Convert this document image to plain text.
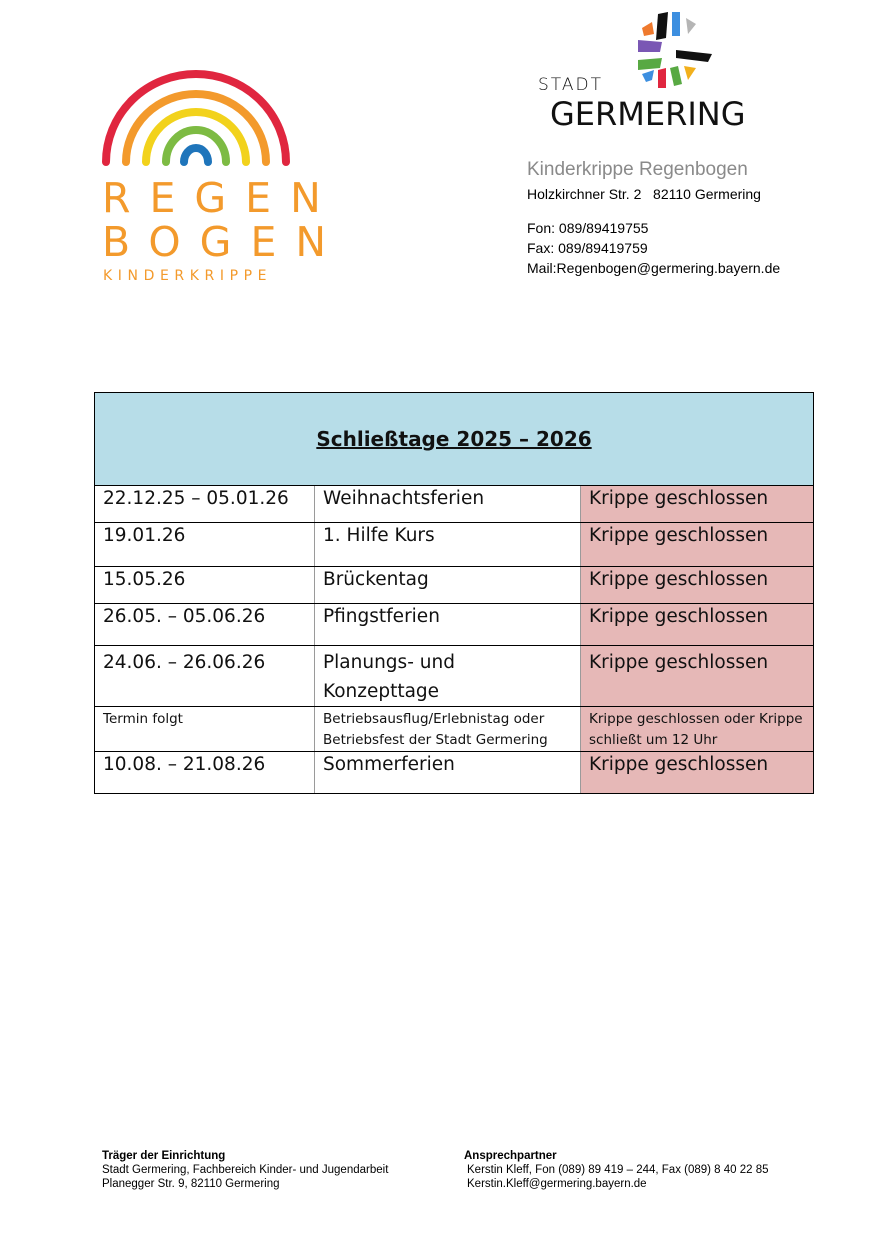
REGEN
BOGEN
KINDERKRIPPE
STADT
GERMERING
Kinderkrippe Regenbogen
Holzkirchner Str. 2   82110 Germering
Fon: 089/89419755
Fax: 089/89419759
Mail:Regenbogen@germering.bayern.de
Schließtage 2025 – 2026		
22.12.25 – 05.01.26	Weihnachtsferien	Krippe geschlossen
19.01.26	1. Hilfe Kurs	Krippe geschlossen
15.05.26	Brückentag	Krippe geschlossen
26.05. – 05.06.26	Pfingstferien	Krippe geschlossen
24.06. – 26.06.26	Planungs- und Konzepttage	Krippe geschlossen
Termin folgt	Betriebsausflug/Erlebnistag oder Betriebsfest der Stadt Germering	Krippe geschlossen oder Krippe schließt um 12 Uhr
10.08. – 21.08.26	Sommerferien	Krippe geschlossen
Träger der Einrichtung
Stadt Germering, Fachbereich Kinder- und Jugendarbeit
Planegger Str. 9, 82110 Germering
Ansprechpartner
Kerstin Kleff, Fon (089) 89 419 – 244, Fax (089) 8 40 22 85
Kerstin.Kleff@germering.bayern.de
